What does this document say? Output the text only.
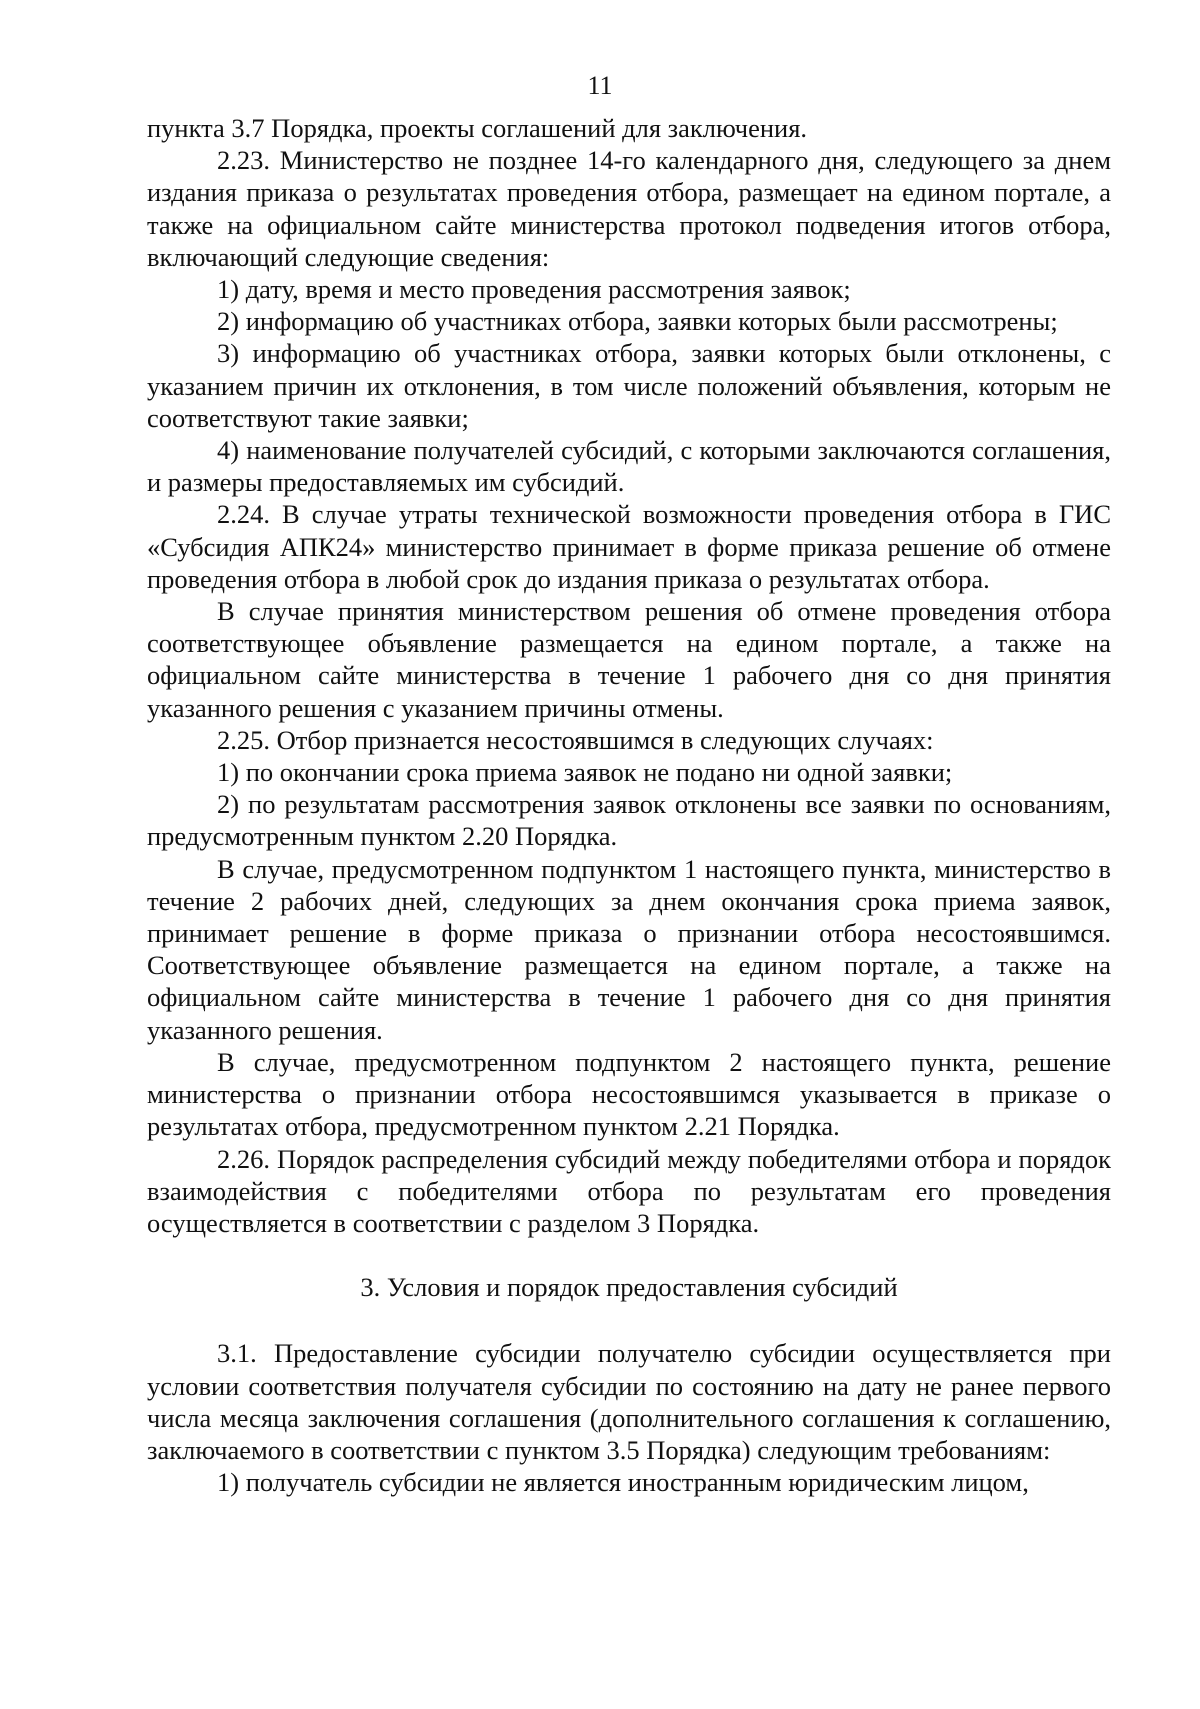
11

пункта 3.7 Порядка, проекты соглашений для заключения.

2.23. Министерство не позднее 14-го календарного дня, следующего за днем издания приказа о результатах проведения отбора, размещает на едином портале, а также на официальном сайте министерства протокол подведения итогов отбора, включающий следующие сведения:

1) дату, время и место проведения рассмотрения заявок;

2) информацию об участниках отбора, заявки которых были рассмотрены;

3) информацию об участниках отбора, заявки которых были отклонены, с указанием причин их отклонения, в том числе положений объявления, которым не соответствуют такие заявки;

4) наименование получателей субсидий, с которыми заключаются соглашения, и размеры предоставляемых им субсидий.

2.24. В случае утраты технической возможности проведения отбора в ГИС «Субсидия АПК24» министерство принимает в форме приказа решение об отмене проведения отбора в любой срок до издания приказа о результатах отбора.

В случае принятия министерством решения об отмене проведения отбора соответствующее объявление размещается на едином портале, а также на официальном сайте министерства в течение 1 рабочего дня со дня принятия указанного решения с указанием причины отмены.

2.25. Отбор признается несостоявшимся в следующих случаях:

1) по окончании срока приема заявок не подано ни одной заявки;

2) по результатам рассмотрения заявок отклонены все заявки по основаниям, предусмотренным пунктом 2.20 Порядка.

В случае, предусмотренном подпунктом 1 настоящего пункта, министерство в течение 2 рабочих дней, следующих за днем окончания срока приема заявок, принимает решение в форме приказа о признании отбора несостоявшимся. Соответствующее объявление размещается на едином портале, а также на официальном сайте министерства в течение 1 рабочего дня со дня принятия указанного решения.

В случае, предусмотренном подпунктом 2 настоящего пункта, решение министерства о признании отбора несостоявшимся указывается в приказе о результатах отбора, предусмотренном пунктом 2.21 Порядка.

2.26. Порядок распределения субсидий между победителями отбора и порядок взаимодействия с победителями отбора по результатам его проведения осуществляется в соответствии с разделом 3 Порядка.

3. Условия и порядок предоставления субсидий

3.1. Предоставление субсидии получателю субсидии осуществляется при условии соответствия получателя субсидии по состоянию на дату не ранее первого числа месяца заключения соглашения (дополнительного соглашения к соглашению, заключаемого в соответствии с пунктом 3.5 Порядка) следующим требованиям:

1) получатель субсидии не является иностранным юридическим лицом,
